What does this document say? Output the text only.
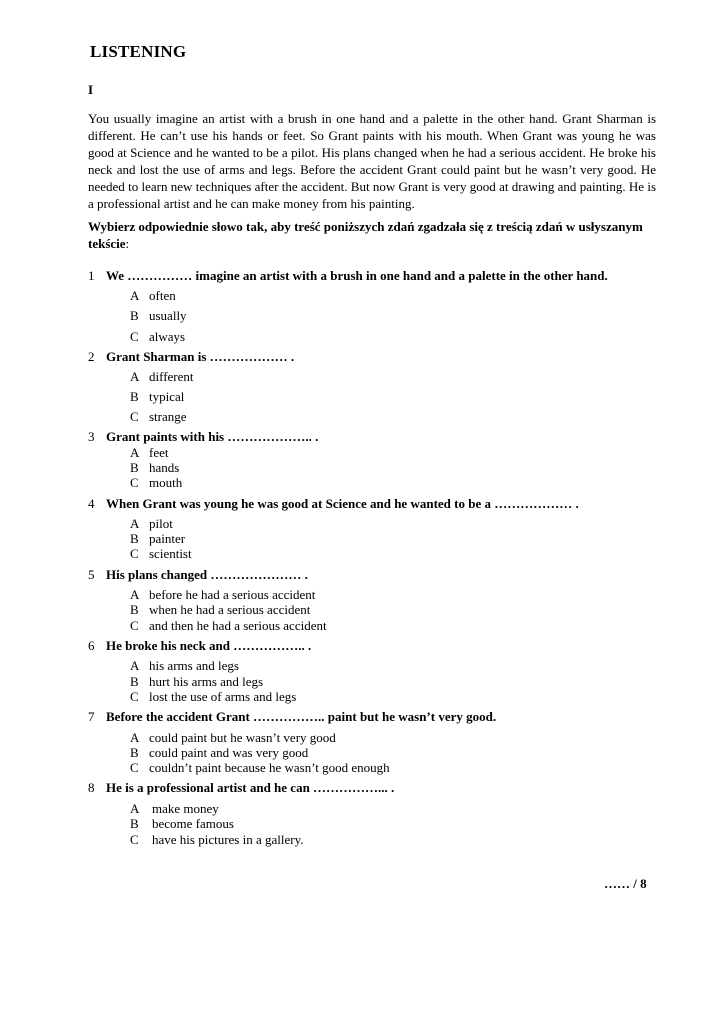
LISTENING
I

You usually imagine an artist with a brush in one hand and a palette in the other hand. Grant Sharman is different. He can’t use his hands or feet. So Grant paints with his mouth. When Grant was young he was good at Science and he wanted to be a pilot. His plans changed when he had a serious accident. He broke his neck and lost the use of arms and legs. Before the accident Grant could paint but he wasn’t very good. He needed to learn new techniques after the accident. But now Grant is very good at drawing and painting. He is a professional artist and he can make money from his painting.

Wybierz odpowiednie słowo tak, aby treść poniższych zdań zgadzała się z treścią zdań w usłyszanym tekście:

1 We …………… imagine an artist with a brush in one hand and a palette in the other hand.
A often
B usually
C always
2 Grant Sharman is ……………… .
A different
B typical
C strange
3 Grant paints with his ……………….. .
A feet
B hands
C mouth
4 When Grant was young he was good at Science and he wanted to be a ……………… .
A pilot
B painter
C scientist
5 His plans changed ………………… .
A before he had a serious accident
B when he had a serious accident
C and then he had a serious accident
6 He broke his neck and …………….. .
A his arms and legs
B hurt his arms and legs
C lost the use of arms and legs
7 Before the accident Grant …………….. paint but he wasn’t very good.
A could paint but he wasn’t very good
B could paint and was very good
C couldn’t paint because he wasn’t good enough
8 He is a professional artist and he can ……………... .
A make money
B become famous
C have his pictures in a gallery.
…… / 8
